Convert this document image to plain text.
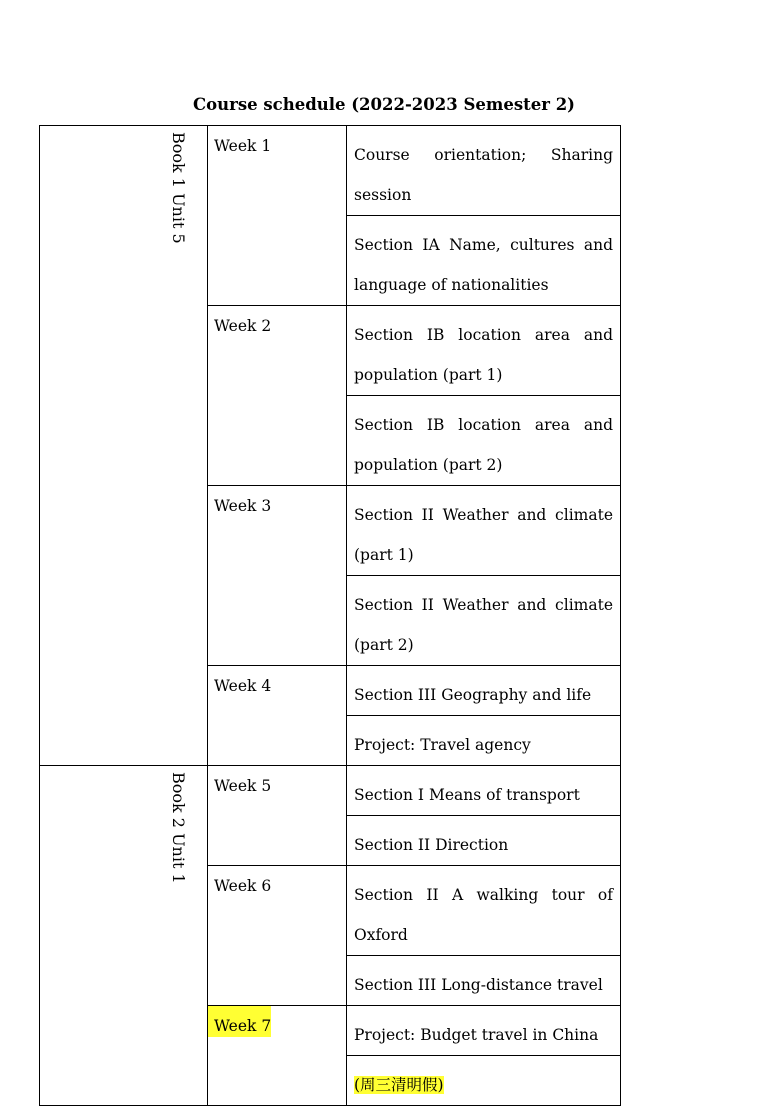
Course schedule (2022-2023 Semester 2)
Book 1 Unit 5	Week 1	Course orientation; Sharing session

		Section IA Name, cultures and language of nationalities

	Week 2	Section IB location area and population (part 1)

		Section IB location area and population (part 2)

	Week 3	Section II Weather and climate (part 1)

		Section II Weather and climate (part 2)

	Week 4	Section III Geography and life

		Project: Travel agency

Book 2 Unit 1	Week 5	Section I Means of transport

		Section II Direction

	Week 6	Section II A walking tour of Oxford

		Section III Long-distance travel

	Week 7	Project: Budget travel in China

		(周三清明假)
